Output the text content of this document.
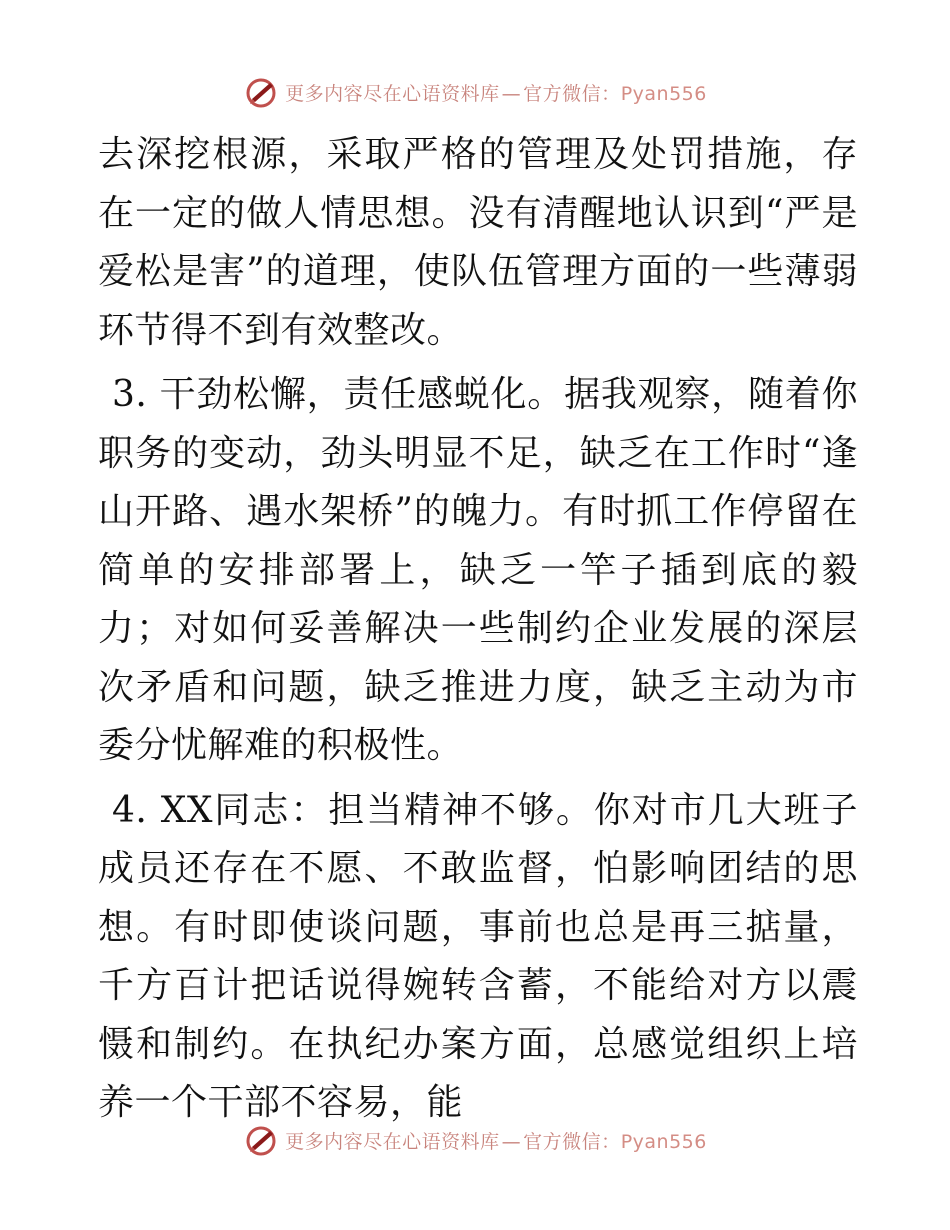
更多内容尽在心语资料库 — 官方微信：Pyan556

去深挖根源，采取严格的管理及处罚措施，存在一定的做人情思想。没有清醒地认识到“严是爱松是害”的道理，使队伍管理方面的一些薄弱环节得不到有效整改。

3. 干劲松懈，责任感蜕化。据我观察，随着你职务的变动，劲头明显不足，缺乏在工作时“逢山开路、遇水架桥”的魄力。有时抓工作停留在简单的安排部署上，缺乏一竿子插到底的毅力；对如何妥善解决一些制约企业发展的深层次矛盾和问题，缺乏推进力度，缺乏主动为市委分忧解难的积极性。

4. XX同志：担当精神不够。你对市几大班子成员还存在不愿、不敢监督，怕影响团结的思想。有时即使谈问题，事前也总是再三掂量，千方百计把话说得婉转含蓄，不能给对方以震慑和制约。在执纪办案方面，总感觉组织上培养一个干部不容易，能

更多内容尽在心语资料库 — 官方微信：Pyan556
